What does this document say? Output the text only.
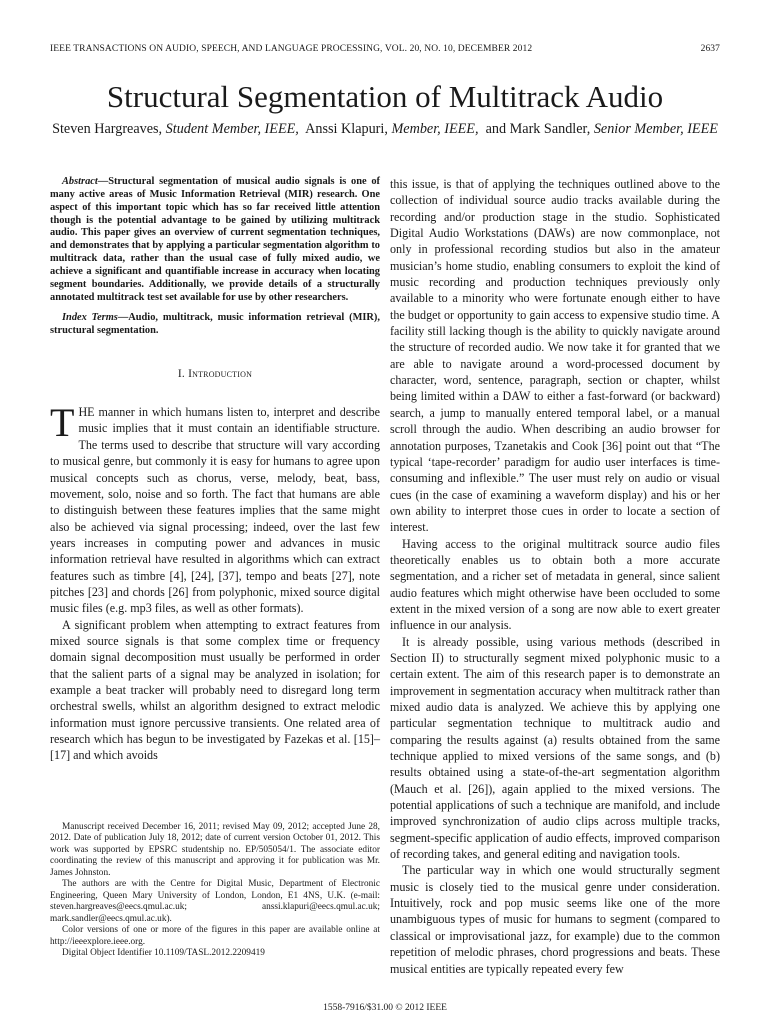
IEEE TRANSACTIONS ON AUDIO, SPEECH, AND LANGUAGE PROCESSING, VOL. 20, NO. 10, DECEMBER 2012	2637
Structural Segmentation of Multitrack Audio
Steven Hargreaves, Student Member, IEEE, Anssi Klapuri, Member, IEEE, and Mark Sandler, Senior Member, IEEE

Abstract—Structural segmentation of musical audio signals is one of many active areas of Music Information Retrieval (MIR) research. One aspect of this important topic which has so far received little attention though is the potential advantage to be gained by utilizing multitrack audio. This paper gives an overview of current segmentation techniques, and demonstrates that by applying a particular segmentation algorithm to multitrack data, rather than the usual case of fully mixed audio, we achieve a significant and quantifiable increase in accuracy when locating segment boundaries. Additionally, we provide details of a structurally annotated multitrack test set available for use by other researchers.

Index Terms—Audio, multitrack, music information retrieval (MIR), structural segmentation.

I. Introduction

THE manner in which humans listen to, interpret and describe music implies that it must contain an identifiable structure. The terms used to describe that structure will vary according to musical genre, but commonly it is easy for humans to agree upon musical concepts such as chorus, verse, melody, beat, bass, movement, solo, noise and so forth. The fact that humans are able to distinguish between these features implies that the same might also be achieved via signal processing; indeed, over the last few years increases in computing power and advances in music information retrieval have resulted in algorithms which can extract features such as timbre [4], [24], [37], tempo and beats [27], note pitches [23] and chords [26] from polyphonic, mixed source digital music files (e.g. mp3 files, as well as other formats).

A significant problem when attempting to extract features from mixed source signals is that some complex time or frequency domain signal decomposition must usually be performed in order that the salient parts of a signal may be analyzed in isolation; for example a beat tracker will probably need to disregard long term orchestral swells, whilst an algorithm designed to extract melodic information must ignore percussive transients. One related area of research which has begun to be investigated by Fazekas et al. [15]–[17] and which avoids

this issue, is that of applying the techniques outlined above to the collection of individual source audio tracks available during the recording and/or production stage in the studio. Sophisticated Digital Audio Workstations (DAWs) are now commonplace, not only in professional recording studios but also in the amateur musician’s home studio, enabling consumers to exploit the kind of music recording and production techniques previously only available to a minority who were fortunate enough either to have the budget or opportunity to gain access to expensive studio time. A facility still lacking though is the ability to quickly navigate around the structure of recorded audio. We now take it for granted that we are able to navigate around a word-processed document by character, word, sentence, paragraph, section or chapter, whilst being limited within a DAW to either a fast-forward (or backward) search, a jump to manually entered temporal label, or a manual scroll through the audio. When describing an audio browser for annotation purposes, Tzanetakis and Cook [36] point out that “The typical ‘tape-recorder’ paradigm for audio user interfaces is time-consuming and inflexible.” The user must rely on audio or visual cues (in the case of examining a waveform display) and his or her own ability to interpret those cues in order to locate a section of interest.

Having access to the original multitrack source audio files theoretically enables us to obtain both a more accurate segmentation, and a richer set of metadata in general, since salient audio features which might otherwise have been occluded to some extent in the mixed version of a song are now able to exert greater influence in our analysis.

It is already possible, using various methods (described in Section II) to structurally segment mixed polyphonic music to a certain extent. The aim of this research paper is to demonstrate an improvement in segmentation accuracy when multitrack rather than mixed audio data is analyzed. We achieve this by applying one particular segmentation technique to multitrack audio and comparing the results against (a) results obtained from the same technique applied to mixed versions of the same songs, and (b) results obtained using a state-of-the-art segmentation algorithm (Mauch et al. [26]), again applied to the mixed versions. The potential applications of such a technique are manifold, and include improved synchronization of audio clips across multiple tracks, segment-specific application of audio effects, improved comparison of recording takes, and general editing and navigation tools.

The particular way in which one would structurally segment music is closely tied to the musical genre under consideration. Intuitively, rock and pop music seems like one of the more unambiguous types of music for humans to segment (compared to classical or improvisational jazz, for example) due to the common repetition of melodic phrases, chord progressions and beats. These musical entities are typically repeated every few

Manuscript received December 16, 2011; revised May 09, 2012; accepted June 28, 2012. Date of publication July 18, 2012; date of current version October 01, 2012. This work was supported by EPSRC studentship no. EP/505054/1. The associate editor coordinating the review of this manuscript and approving it for publication was Mr. James Johnston.

The authors are with the Centre for Digital Music, Department of Electronic Engineering, Queen Mary University of London, London, E1 4NS, U.K. (e-mail: steven.hargreaves@eecs.qmul.ac.uk; anssi.klapuri@eecs.qmul.ac.uk; mark.sandler@eecs.qmul.ac.uk).

Color versions of one or more of the figures in this paper are available online at http://ieeexplore.ieee.org.

Digital Object Identifier 10.1109/TASL.2012.2209419

1558-7916/$31.00 © 2012 IEEE
